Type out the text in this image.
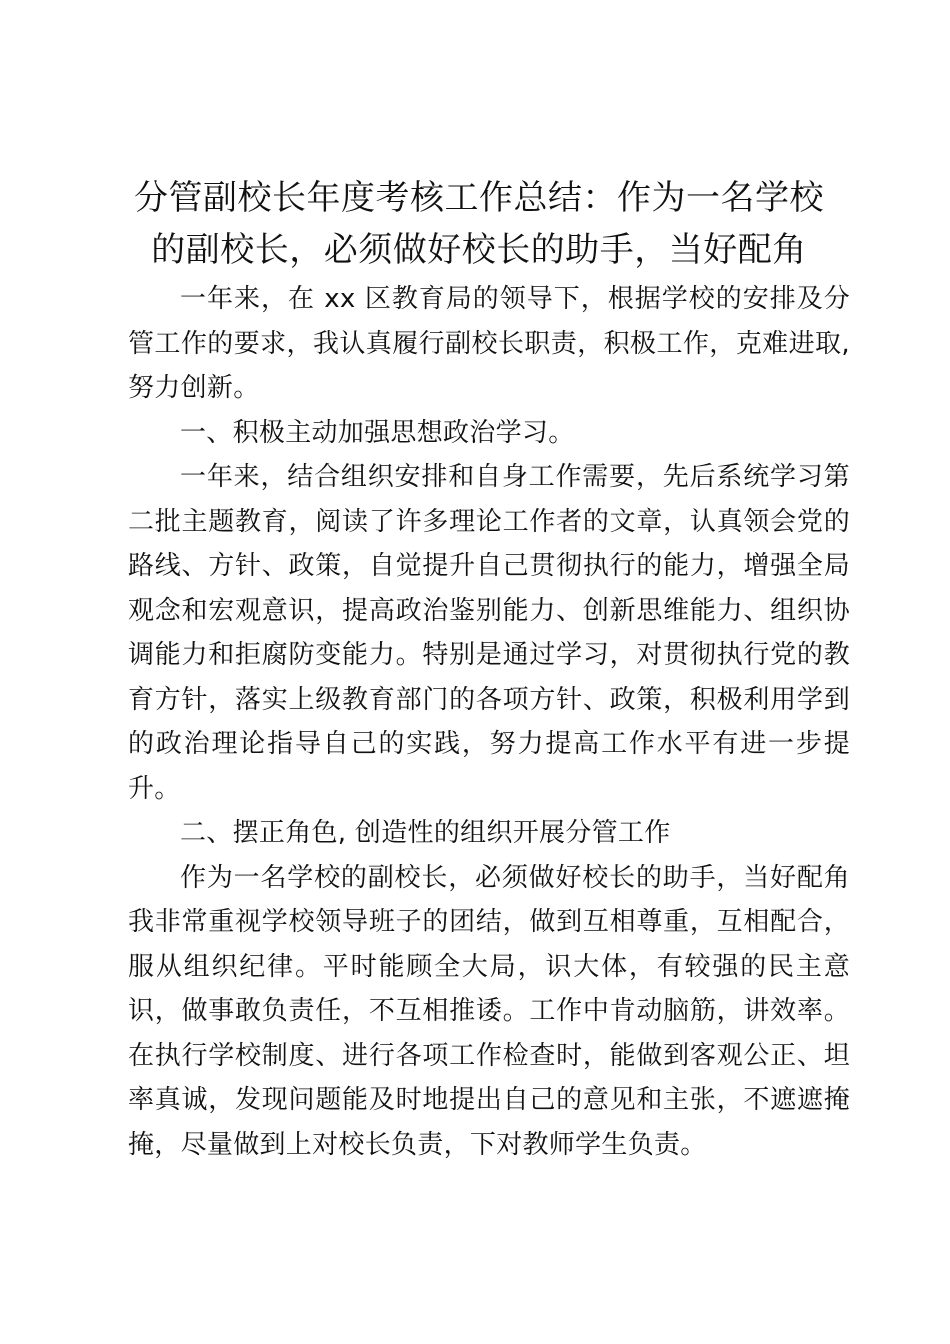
分管副校长年度考核工作总结：作为一名学校
的副校长，必须做好校长的助手，当好配角

一年来，在 xx 区教育局的领导下，根据学校的安排及分管工作的要求，我认真履行副校长职责，积极工作，克难进取,努力创新。

一、积极主动加强思想政治学习。

一年来，结合组织安排和自身工作需要，先后系统学习第二批主题教育，阅读了许多理论工作者的文章，认真领会党的路线、方针、政策，自觉提升自己贯彻执行的能力，增强全局观念和宏观意识，提高政治鉴别能力、创新思维能力、组织协调能力和拒腐防变能力。特别是通过学习，对贯彻执行党的教育方针，落实上级教育部门的各项方针、政策，积极利用学到的政治理论指导自己的实践，努力提高工作水平有进一步提升。

二、摆正角色, 创造性的组织开展分管工作

作为一名学校的副校长，必须做好校长的助手，当好配角我非常重视学校领导班子的团结，做到互相尊重，互相配合，服从组织纪律。平时能顾全大局，识大体，有较强的民主意识，做事敢负责任，不互相推诿。工作中肯动脑筋，讲效率。在执行学校制度、进行各项工作检查时，能做到客观公正、坦率真诚，发现问题能及时地提出自己的意见和主张，不遮遮掩掩，尽量做到上对校长负责，下对教师学生负责。
